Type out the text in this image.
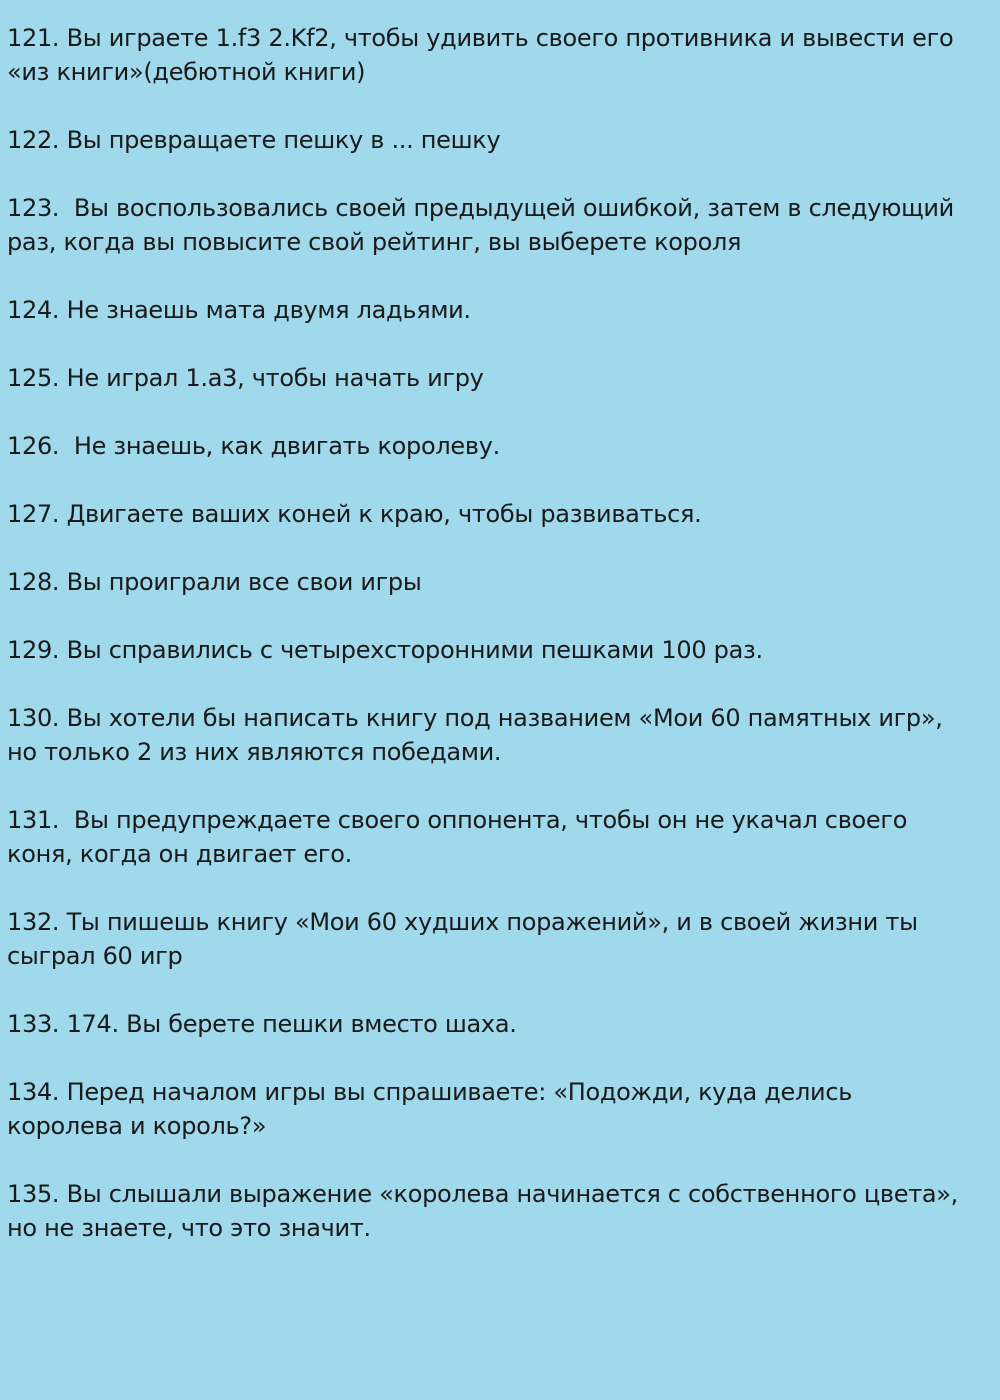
121. Вы играете 1.f3 2.Kf2, чтобы удивить своего противника и вывести его «из книги»(дебютной книги)

122. Вы превращаете пешку в ... пешку

123.  Вы воспользовались своей предыдущей ошибкой, затем в следующий раз, когда вы повысите свой рейтинг, вы выберете короля

124. Не знаешь мата двумя ладьями.

125. Не играл 1.a3, чтобы начать игру

126.  Не знаешь, как двигать королеву.

127. Двигаете ваших коней к краю, чтобы развиваться.

128. Вы проиграли все свои игры

129. Вы справились с четырехсторонними пешками 100 раз.

130. Вы хотели бы написать книгу под названием «Мои 60 памятных игр», но только 2 из них являются победами.

131.  Вы предупреждаете своего оппонента, чтобы он не укачал своего коня, когда он двигает его.

132. Ты пишешь книгу «Мои 60 худших поражений», и в своей жизни ты сыграл 60 игр

133. 174. Вы берете пешки вместо шаха.

134. Перед началом игры вы спрашиваете: «Подожди, куда делись королева и король?»

135. Вы слышали выражение «королева начинается с собственного цвета», но не знаете, что это значит.
